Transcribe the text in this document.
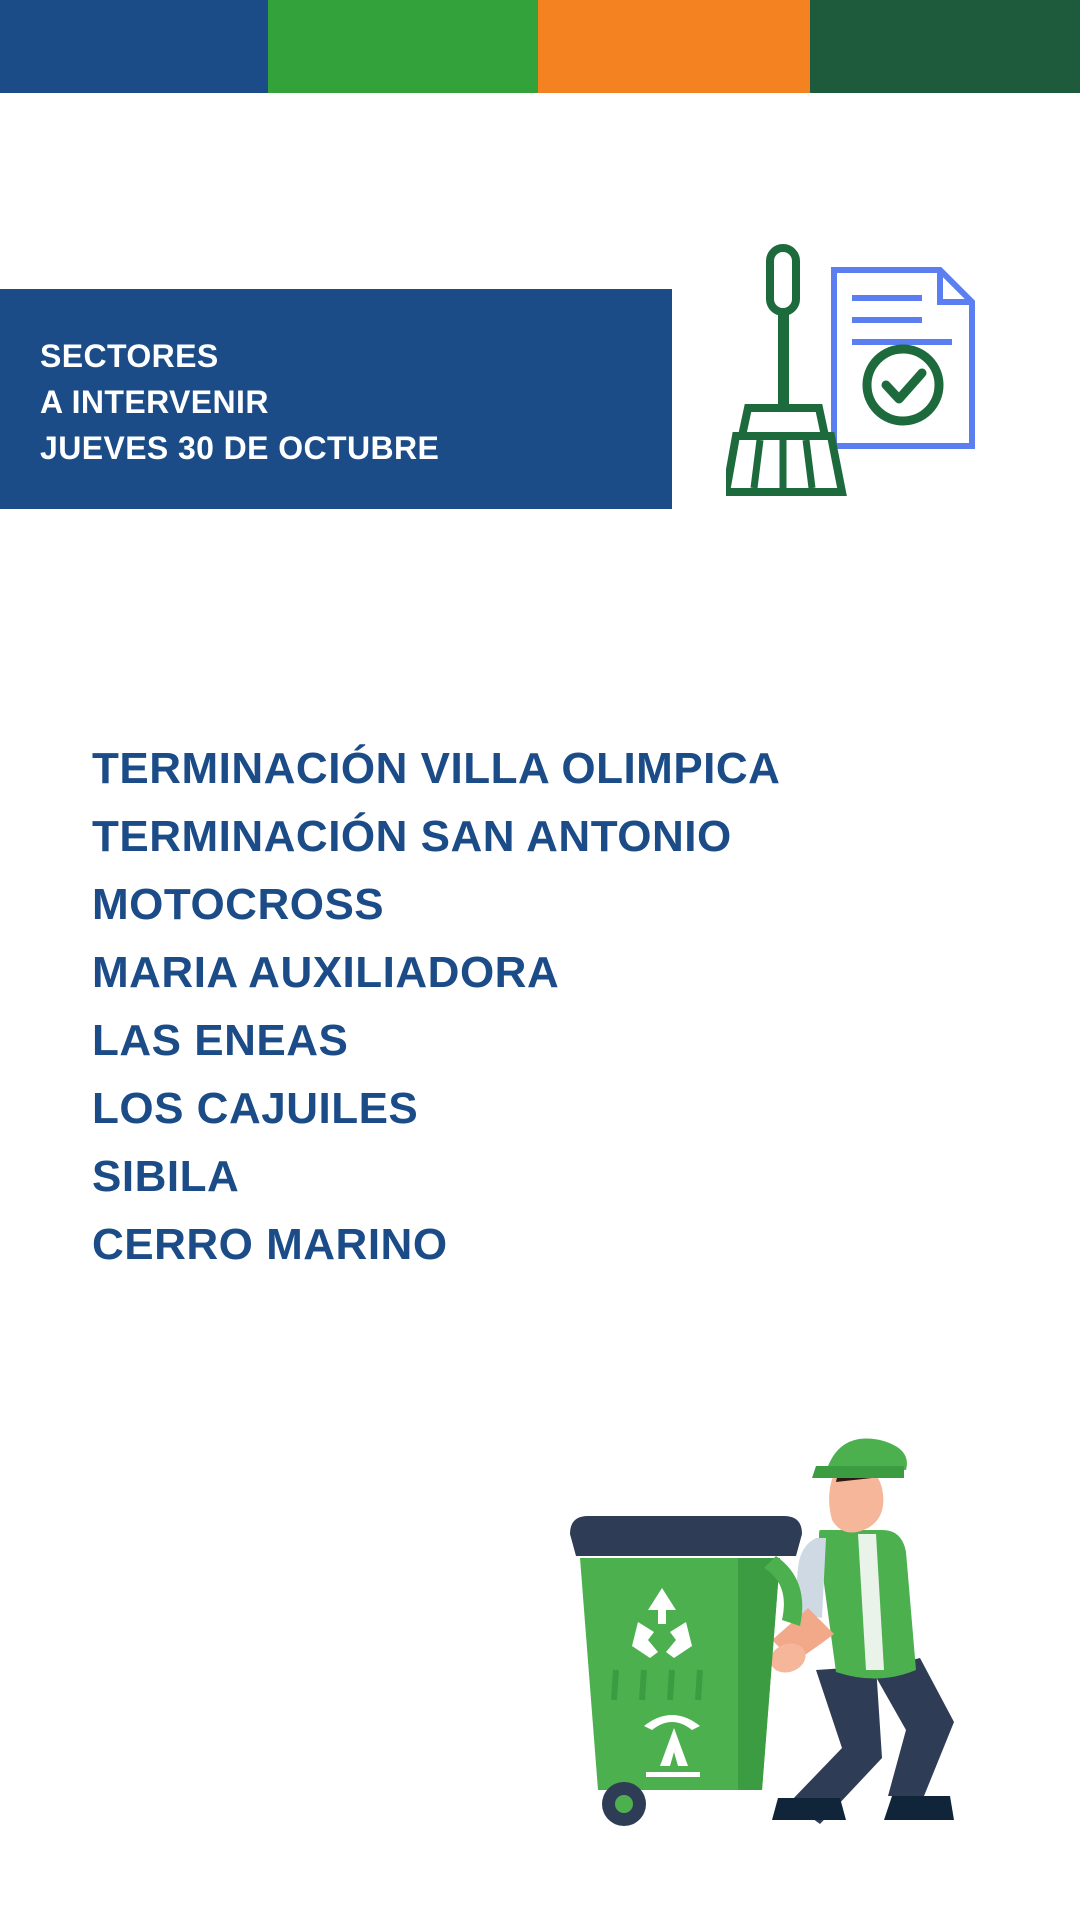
SECTORES
A INTERVENIR
JUEVES 30 DE OCTUBRE
TERMINACIÓN VILLA OLIMPICA
TERMINACIÓN SAN ANTONIO
MOTOCROSS
MARIA AUXILIADORA
LAS ENEAS
LOS CAJUILES
SIBILA
CERRO MARINO
